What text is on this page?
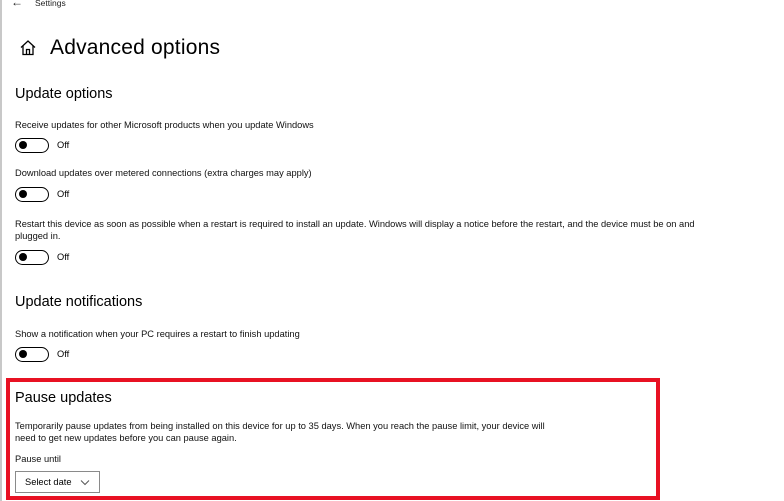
← Settings
Advanced options
Update options
Receive updates for other Microsoft products when you update Windows
Off
Download updates over metered connections (extra charges may apply)
Off
Restart this device as soon as possible when a restart is required to install an update. Windows will display a notice before the restart, and the device must be on and
plugged in.
Off
Update notifications
Show a notification when your PC requires a restart to finish updating
Off
Pause updates
Temporarily pause updates from being installed on this device for up to 35 days. When you reach the pause limit, your device will
need to get new updates before you can pause again.
Pause until
Select date
